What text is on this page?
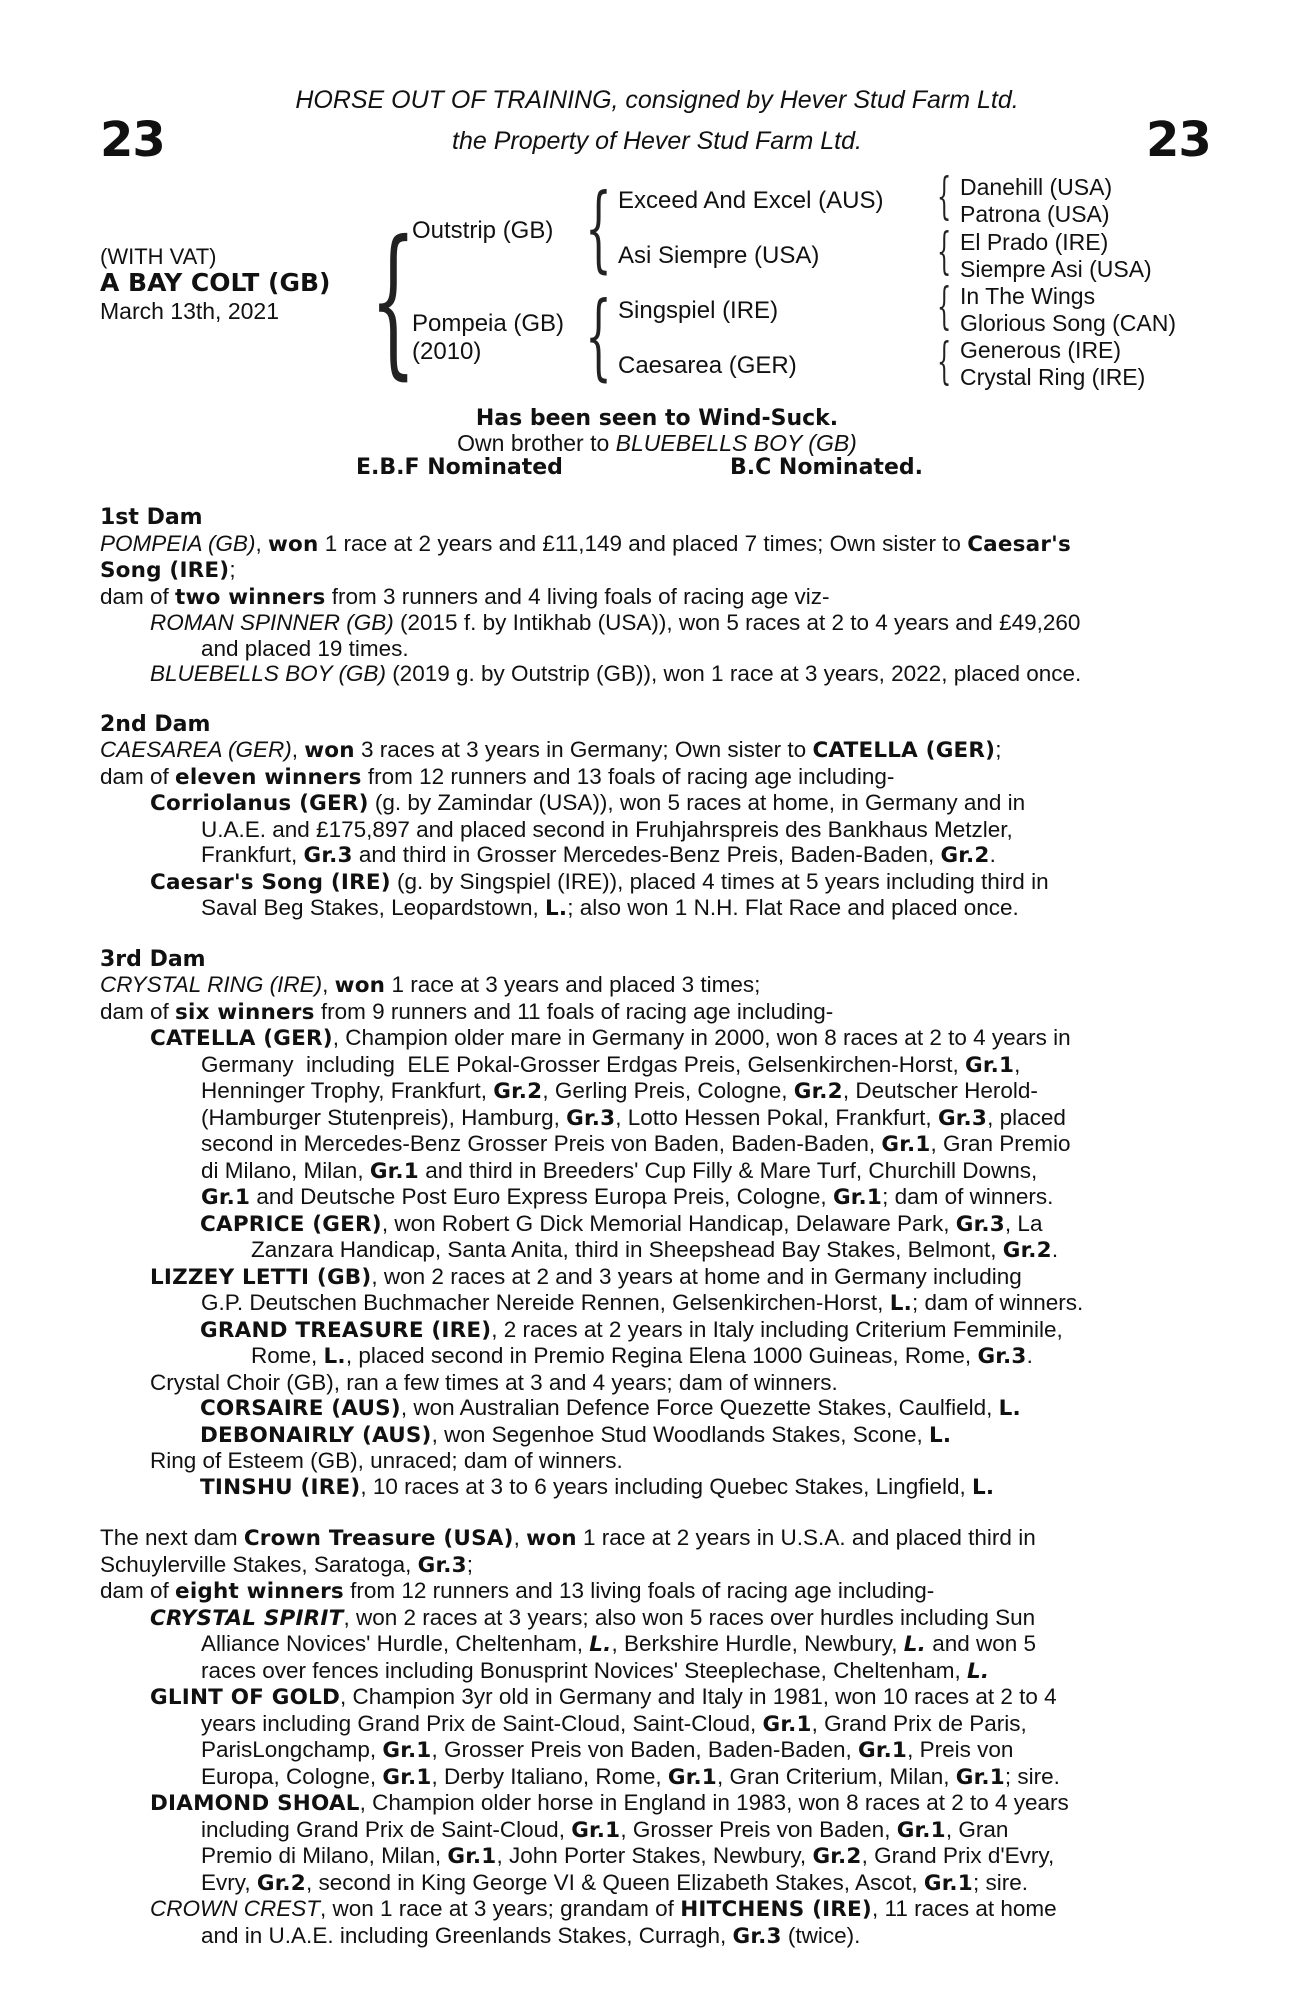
23	23
HORSE OUT OF TRAINING, consigned by Hever Stud Farm Ltd.
the Property of Hever Stud Farm Ltd.
(WITH VAT)
A BAY COLT (GB)
March 13th, 2021 {
Outstrip (GB)
Pompeia (GB)
(2010)
{
{
Exceed And Excel (AUS)
Asi Siempre (USA)
Singspiel (IRE)
Caesarea (GER)
{
{
{
{
Danehill (USA)
Patrona (USA)
El Prado (IRE)
Siempre Asi (USA)
In The Wings
Glorious Song (CAN)
Generous (IRE)
Crystal Ring (IRE)
Has been seen to Wind-Suck.
Own brother to BLUEBELLS BOY (GB)
E.B.F Nominated	B.C Nominated.

1st Dam

POMPEIA (GB), won 1 race at 2 years and £11,149 and placed 7 times; Own sister to Caesar's
Song (IRE);

dam of two winners from 3 runners and 4 living foals of racing age viz-

ROMAN SPINNER (GB) (2015 f. by Intikhab (USA)), won 5 races at 2 to 4 years and £49,260
and placed 19 times.

BLUEBELLS BOY (GB) (2019 g. by Outstrip (GB)), won 1 race at 3 years, 2022, placed once.

2nd Dam

CAESAREA (GER), won 3 races at 3 years in Germany; Own sister to CATELLA (GER);

dam of eleven winners from 12 runners and 13 foals of racing age including-

Corriolanus (GER) (g. by Zamindar (USA)), won 5 races at home, in Germany and in
U.A.E. and £175,897 and placed second in Fruhjahrspreis des Bankhaus Metzler,
Frankfurt, Gr.3 and third in Grosser Mercedes-Benz Preis, Baden-Baden, Gr.2.

Caesar's Song (IRE) (g. by Singspiel (IRE)), placed 4 times at 5 years including third in
Saval Beg Stakes, Leopardstown, L.; also won 1 N.H. Flat Race and placed once.

3rd Dam

CRYSTAL RING (IRE), won 1 race at 3 years and placed 3 times;

dam of six winners from 9 runners and 11 foals of racing age including-

CATELLA (GER), Champion older mare in Germany in 2000, won 8 races at 2 to 4 years in
Germany  including  ELE Pokal-Grosser Erdgas Preis, Gelsenkirchen-Horst, Gr.1,
Henninger Trophy, Frankfurt, Gr.2, Gerling Preis, Cologne, Gr.2, Deutscher Herold-
(Hamburger Stutenpreis), Hamburg, Gr.3, Lotto Hessen Pokal, Frankfurt, Gr.3, placed
second in Mercedes-Benz Grosser Preis von Baden, Baden-Baden, Gr.1, Gran Premio
di Milano, Milan, Gr.1 and third in Breeders' Cup Filly & Mare Turf, Churchill Downs,
Gr.1 and Deutsche Post Euro Express Europa Preis, Cologne, Gr.1; dam of winners.

CAPRICE (GER), won Robert G Dick Memorial Handicap, Delaware Park, Gr.3, La
Zanzara Handicap, Santa Anita, third in Sheepshead Bay Stakes, Belmont, Gr.2.

LIZZEY LETTI (GB), won 2 races at 2 and 3 years at home and in Germany including
G.P. Deutschen Buchmacher Nereide Rennen, Gelsenkirchen-Horst, L.; dam of winners.

GRAND TREASURE (IRE), 2 races at 2 years in Italy including Criterium Femminile,
Rome, L., placed second in Premio Regina Elena 1000 Guineas, Rome, Gr.3.

Crystal Choir (GB), ran a few times at 3 and 4 years; dam of winners.

CORSAIRE (AUS), won Australian Defence Force Quezette Stakes, Caulfield, L.

DEBONAIRLY (AUS), won Segenhoe Stud Woodlands Stakes, Scone, L.

Ring of Esteem (GB), unraced; dam of winners.

TINSHU (IRE), 10 races at 3 to 6 years including Quebec Stakes, Lingfield, L.

The next dam Crown Treasure (USA), won 1 race at 2 years in U.S.A. and placed third in
Schuylerville Stakes, Saratoga, Gr.3;

dam of eight winners from 12 runners and 13 living foals of racing age including-

CRYSTAL SPIRIT, won 2 races at 3 years; also won 5 races over hurdles including Sun
Alliance Novices' Hurdle, Cheltenham, L., Berkshire Hurdle, Newbury, L. and won 5
races over fences including Bonusprint Novices' Steeplechase, Cheltenham, L.

GLINT OF GOLD, Champion 3yr old in Germany and Italy in 1981, won 10 races at 2 to 4
years including Grand Prix de Saint-Cloud, Saint-Cloud, Gr.1, Grand Prix de Paris,
ParisLongchamp, Gr.1, Grosser Preis von Baden, Baden-Baden, Gr.1, Preis von
Europa, Cologne, Gr.1, Derby Italiano, Rome, Gr.1, Gran Criterium, Milan, Gr.1; sire.

DIAMOND SHOAL, Champion older horse in England in 1983, won 8 races at 2 to 4 years
including Grand Prix de Saint-Cloud, Gr.1, Grosser Preis von Baden, Gr.1, Gran
Premio di Milano, Milan, Gr.1, John Porter Stakes, Newbury, Gr.2, Grand Prix d'Evry,
Evry, Gr.2, second in King George VI & Queen Elizabeth Stakes, Ascot, Gr.1; sire.

CROWN CREST, won 1 race at 3 years; grandam of HITCHENS (IRE), 11 races at home
and in U.A.E. including Greenlands Stakes, Curragh, Gr.3 (twice).
